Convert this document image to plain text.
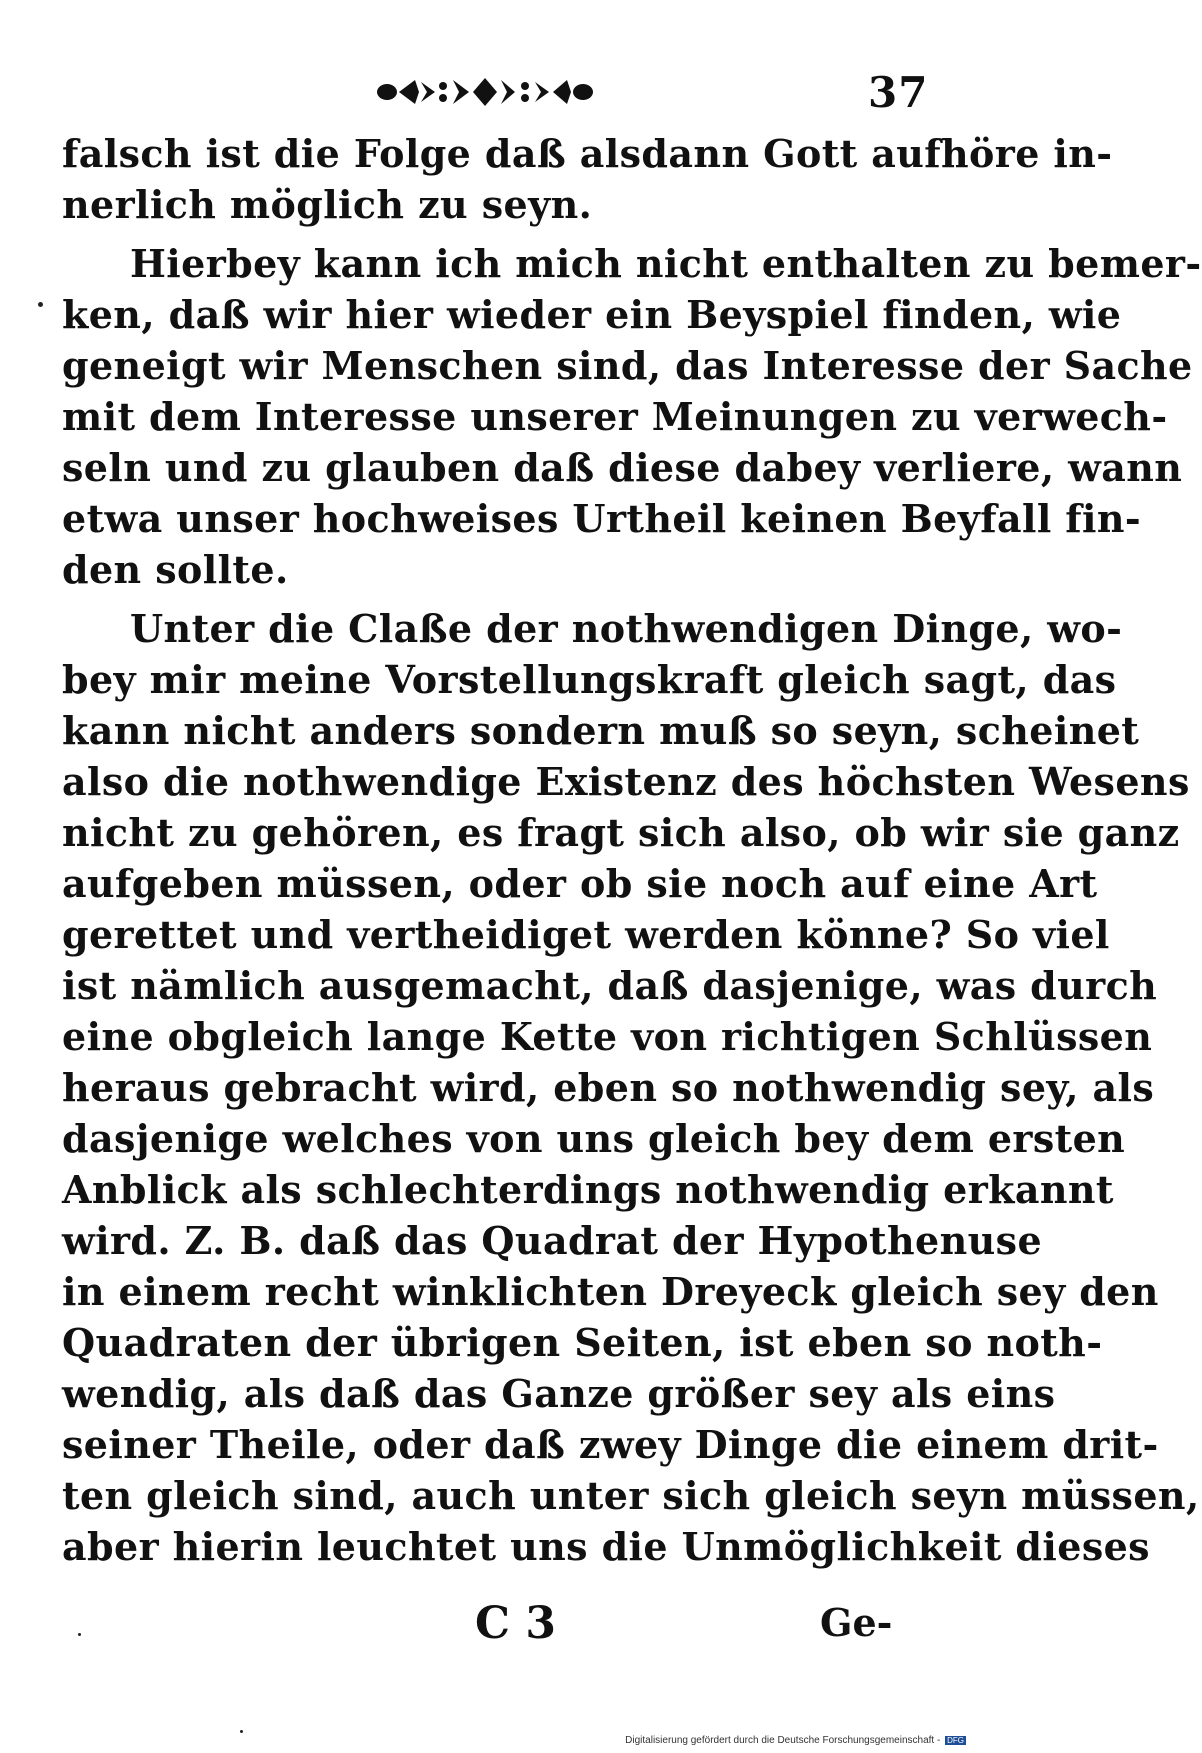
37
falsch ist die Folge daß alsdann Gott aufhöre in-
nerlich möglich zu seyn.
Hierbey kann ich mich nicht enthalten zu bemer-
ken, daß wir hier wieder ein Beyspiel finden, wie
geneigt wir Menschen sind, das Interesse der Sache
mit dem Interesse unserer Meinungen zu verwech-
seln und zu glauben daß diese dabey verliere, wann
etwa unser hochweises Urtheil keinen Beyfall fin-
den sollte.
Unter die Claße der nothwendigen Dinge, wo-
bey mir meine Vorstellungskraft gleich sagt, das
kann nicht anders sondern muß so seyn, scheinet
also die nothwendige Existenz des höchsten Wesens
nicht zu gehören, es fragt sich also, ob wir sie ganz
aufgeben müssen, oder ob sie noch auf eine Art
gerettet und vertheidiget werden könne? So viel
ist nämlich ausgemacht, daß dasjenige, was durch
eine obgleich lange Kette von richtigen Schlüssen
heraus gebracht wird, eben so nothwendig sey, als
dasjenige welches von uns gleich bey dem ersten
Anblick als schlechterdings nothwendig erkannt
wird. Z. B. daß das Quadrat der Hypothenuse
in einem recht winklichten Dreyeck gleich sey den
Quadraten der übrigen Seiten, ist eben so noth-
wendig, als daß das Ganze größer sey als eins
seiner Theile, oder daß zwey Dinge die einem drit-
ten gleich sind, auch unter sich gleich seyn müssen,
aber hierin leuchtet uns die Unmöglichkeit dieses
C 3	Ge-
Digitalisierung gefördert durch die Deutsche Forschungsgemeinschaft - DFG
